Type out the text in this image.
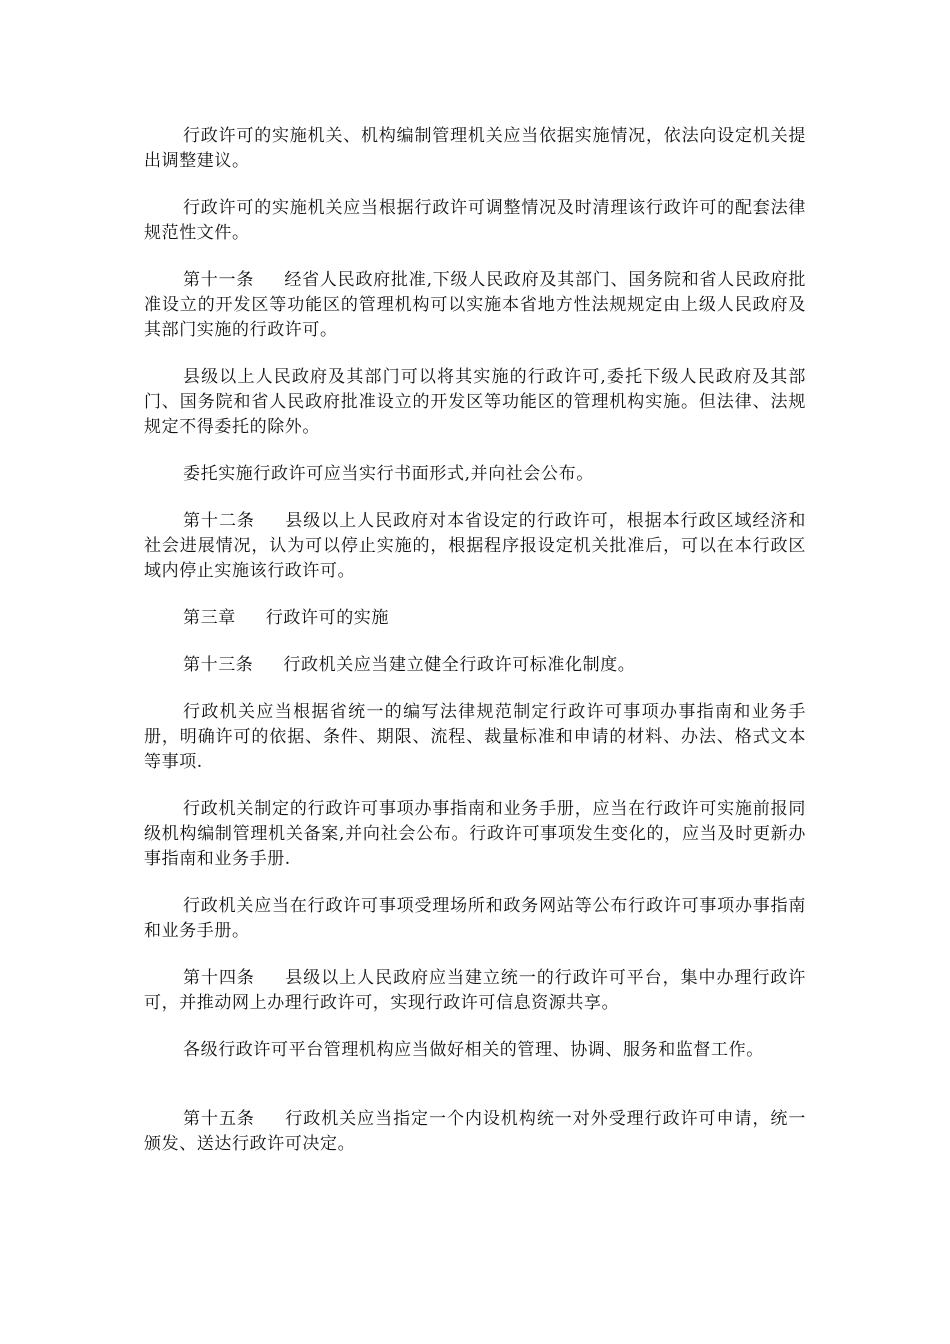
行政许可的实施机关、机构编制管理机关应当依据实施情况，依法向设定机关提出调整建议。

行政许可的实施机关应当根据行政许可调整情况及时清理该行政许可的配套法律规范性文件。

第十一条 经省人民政府批准,下级人民政府及其部门、国务院和省人民政府批准设立的开发区等功能区的管理机构可以实施本省地方性法规规定由上级人民政府及其部门实施的行政许可。

县级以上人民政府及其部门可以将其实施的行政许可,委托下级人民政府及其部门、国务院和省人民政府批准设立的开发区等功能区的管理机构实施。但法律、法规规定不得委托的除外。

委托实施行政许可应当实行书面形式,并向社会公布。

第十二条 县级以上人民政府对本省设定的行政许可，根据本行政区域经济和社会进展情况，认为可以停止实施的，根据程序报设定机关批准后，可以在本行政区域内停止实施该行政许可。

第三章 行政许可的实施

第十三条 行政机关应当建立健全行政许可标准化制度。

行政机关应当根据省统一的编写法律规范制定行政许可事项办事指南和业务手册，明确许可的依据、条件、期限、流程、裁量标准和申请的材料、办法、格式文本等事项.

行政机关制定的行政许可事项办事指南和业务手册，应当在行政许可实施前报同级机构编制管理机关备案,并向社会公布。行政许可事项发生变化的，应当及时更新办事指南和业务手册.

行政机关应当在行政许可事项受理场所和政务网站等公布行政许可事项办事指南和业务手册。

第十四条 县级以上人民政府应当建立统一的行政许可平台，集中办理行政许可，并推动网上办理行政许可，实现行政许可信息资源共享。

各级行政许可平台管理机构应当做好相关的管理、协调、服务和监督工作。

第十五条 行政机关应当指定一个内设机构统一对外受理行政许可申请，统一颁发、送达行政许可决定。
